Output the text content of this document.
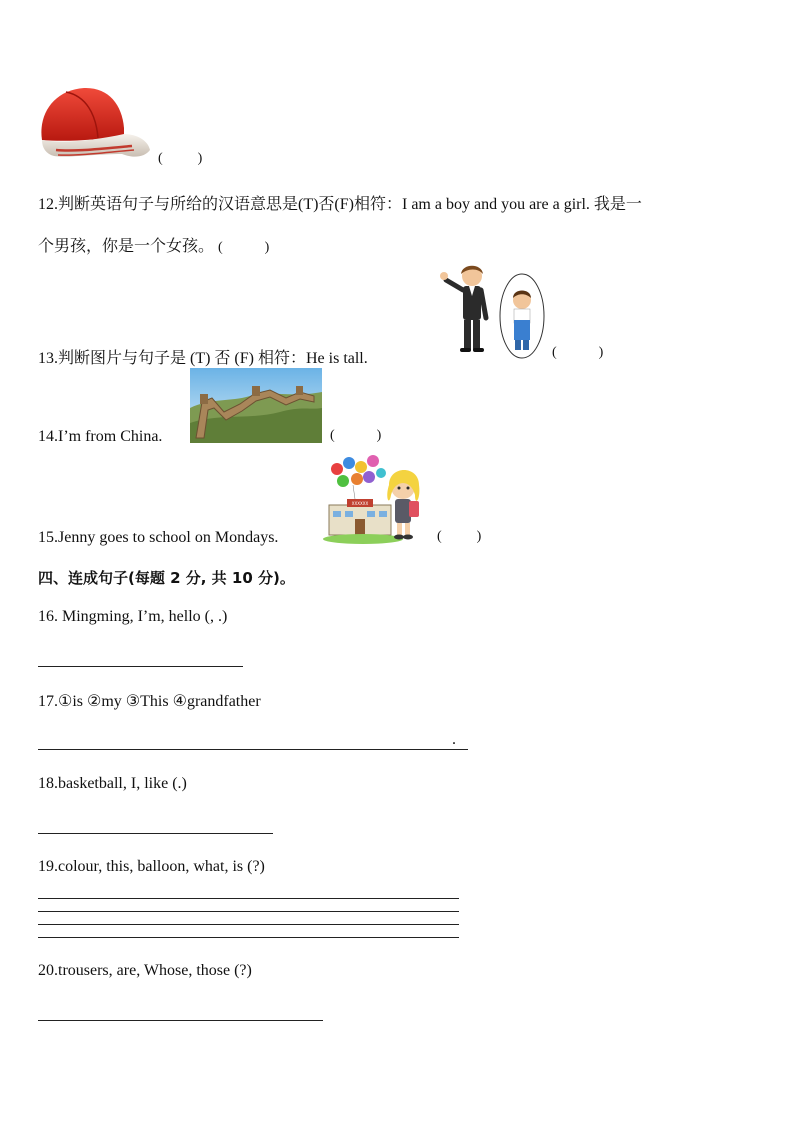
(          )
12.判断英语句子与所给的汉语意思是(T)否(F)相符：I am a boy and you are a girl. 我是一
个男孩，你是一个女孩。 (            )
13.判断图片与句子是 (T) 否 (F) 相符：He is tall.	(            )
14.I’m from China.	(            )
15.Jenny goes to school on Mondays.
XXXXXX
(          )
四、连成句子(每题 2 分, 共 10 分)。
16. Mingming, I’m, hello (, .)
17.①is ②my ③This ④grandfather
.
18.basketball, I, like (.)
19.colour, this, balloon, what, is (?)
20.trousers, are, Whose, those (?)
